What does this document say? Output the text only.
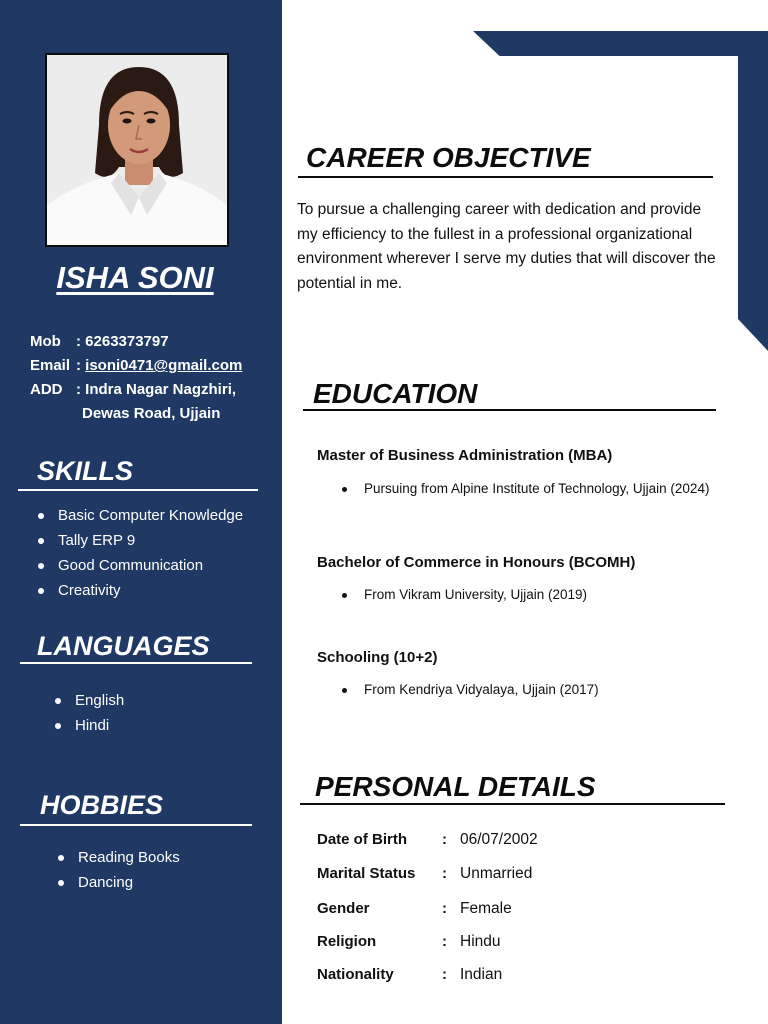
ISHA SONI
Mob	: 6263373797
Email :
isoni0471@gmail.com
ADD : Indra Nagar Nagzhiri,
Dewas Road, Ujjain
SKILLS
Basic Computer Knowledge
Tally ERP 9
Good Communication
Creativity
LANGUAGES
English
Hindi
HOBBIES
Reading Books
Dancing
CAREER OBJECTIVE

To pursue a challenging career with dedication and provide my efficiency to the fullest in a professional organizational environment wherever I serve my duties that will discover the potential in me.

EDUCATION
Master of Business Administration (MBA)
Pursuing from Alpine Institute of Technology, Ujjain (2024)
Bachelor of Commerce in Honours (BCOMH)
From Vikram University, Ujjain (2019)
Schooling (10+2)
From Kendriya Vidyalaya, Ujjain (2017)
PERSONAL DETAILS
Date of Birth	: 06/07/2002
Marital Status	: Unmarried
Gender	: Female
Religion	: Hindu
Nationality	: Indian
